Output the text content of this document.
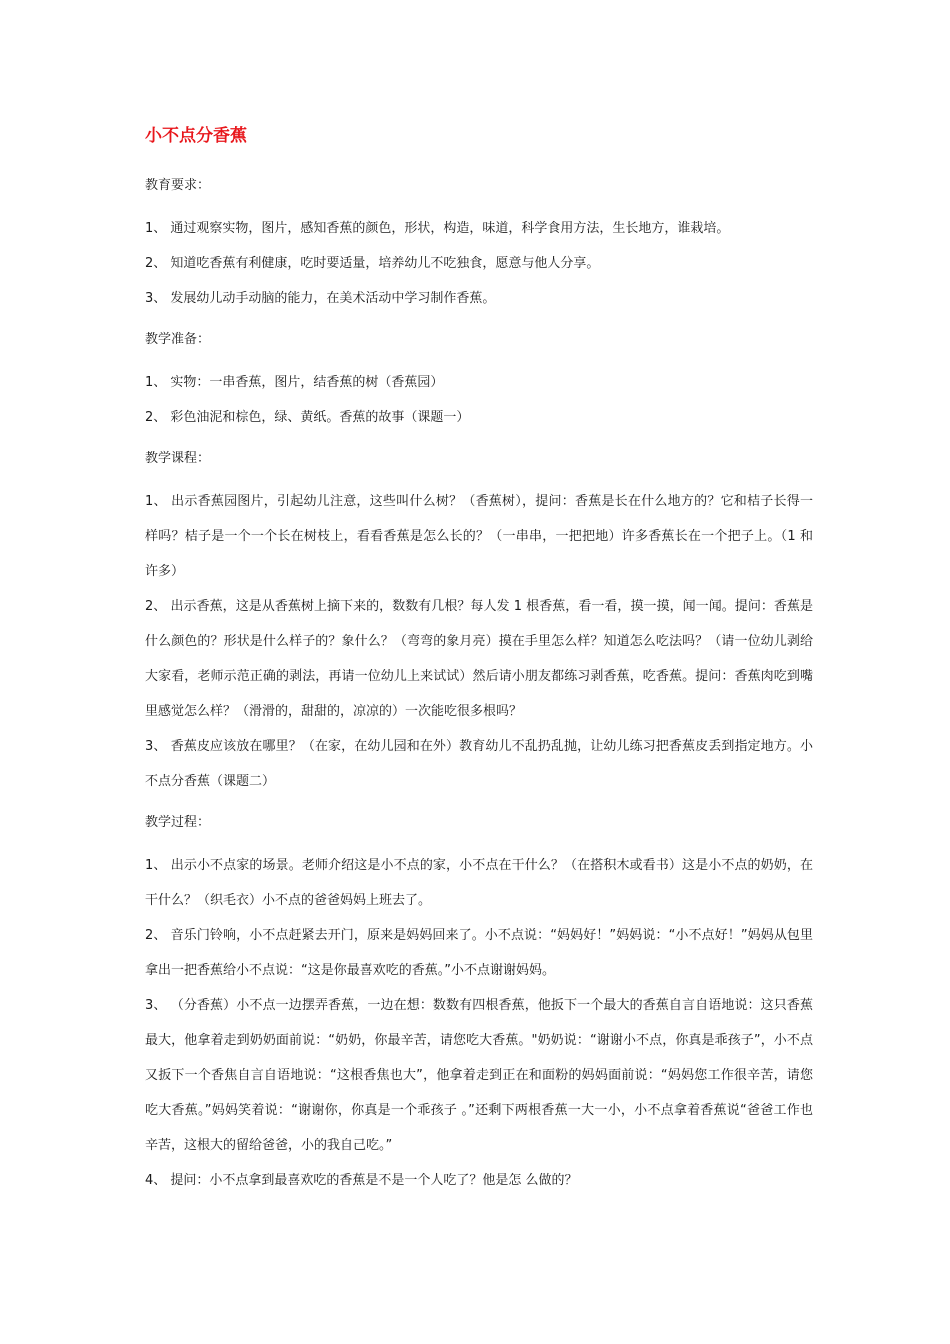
小不点分香蕉
教育要求：

1、 通过观察实物，图片，感知香蕉的颜色，形状，构造，味道，科学食用方法，生长地方，谁栽培。

2、 知道吃香蕉有利健康，吃时要适量，培养幼儿不吃独食，愿意与他人分享。

3、 发展幼儿动手动脑的能力，在美术活动中学习制作香蕉。

教学准备：

1、 实物：一串香蕉，图片，结香蕉的树（香蕉园）

2、 彩色油泥和棕色，绿、黄纸。香蕉的故事（课题一）

教学课程：

1、 出示香蕉园图片，引起幼儿注意，这些叫什么树？（香蕉树），提问：香蕉是长在什么地方的？它和桔子长得一样吗？桔子是一个一个长在树枝上，看看香蕉是怎么长的？（一串串，一把把地）许多香蕉长在一个把子上。（1 和许多）

2、 出示香蕉，这是从香蕉树上摘下来的，数数有几根？每人发 1 根香蕉，看一看，摸一摸，闻一闻。提问：香蕉是什么颜色的？形状是什么样子的？象什么？（弯弯的象月亮）摸在手里怎么样？知道怎么吃法吗？（请一位幼儿剥给大家看，老师示范正确的剥法，再请一位幼儿上来试试）然后请小朋友都练习剥香蕉，吃香蕉。提问：香蕉肉吃到嘴里感觉怎么样？（滑滑的，甜甜的，凉凉的）一次能吃很多根吗？

3、 香蕉皮应该放在哪里？（在家，在幼儿园和在外）教育幼儿不乱扔乱抛，让幼儿练习把香蕉皮丢到指定地方。小不点分香蕉（课题二）

教学过程：

1、 出示小不点家的场景。老师介绍这是小不点的家，小不点在干什么？（在搭积木或看书）这是小不点的奶奶，在干什么？（织毛衣）小不点的爸爸妈妈上班去了。

2、 音乐门铃响，小不点赶紧去开门，原来是妈妈回来了。小不点说：“妈妈好！”妈妈说：“小不点好！”妈妈从包里拿出一把香蕉给小不点说：“这是你最喜欢吃的香蕉。”小不点谢谢妈妈。

3、 （分香蕉）小不点一边摆弄香蕉，一边在想：数数有四根香蕉，他扳下一个最大的香蕉自言自语地说：这只香蕉最大，他拿着走到奶奶面前说：“奶奶，你最辛苦，请您吃大香蕉。"奶奶说：“谢谢小不点，你真是乖孩子”，小不点又扳下一个香焦自言自语地说：“这根香焦也大”，他拿着走到正在和面粉的妈妈面前说：“妈妈您工作很辛苦，请您吃大香蕉。”妈妈笑着说：“谢谢你，你真是一个乖孩子 。”还剩下两根香蕉一大一小，小不点拿着香蕉说“爸爸工作也辛苦，这根大的留给爸爸，小的我自己吃。”

4、 提问：小不点拿到最喜欢吃的香蕉是不是一个人吃了？他是怎 么做的？
